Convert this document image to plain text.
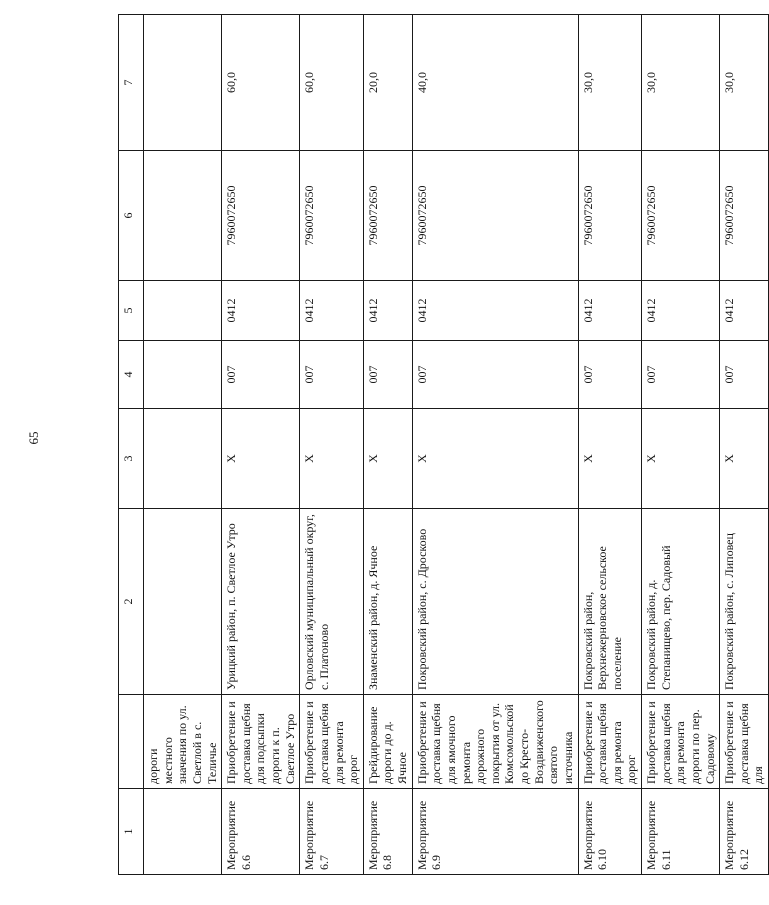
65
1		2	3	4	5	6	7
	дороги местного значения по ул. Светлой в с. Теличье						
Мероприятие 6.6	Приобретение и доставка щебня для подсыпки дороги к п. Светлое Утро	Урицкий район, п. Светлое Утро	X	007	0412	7960072650	60,0
Мероприятие 6.7	Приобретение и доставка щебня для ремонта дорог	Орловский муниципальный округ, с. Платоново	X	007	0412	7960072650	60,0
Мероприятие 6.8	Грейдирование дороги до д. Ячное	Знаменский район, д. Ячное	X	007	0412	7960072650	20,0
Мероприятие 6.9	Приобретение и доставка щебня для ямочного ремонта дорожного покрытия от ул. Комсомольской до Кресто-Воздвиженского святого источника	Покровский район, с. Дросково	X	007	0412	7960072650	40,0
Мероприятие 6.10	Приобретение и доставка щебня для ремонта дорог	Покровский район, Верхнежерновское сельское поселение	X	007	0412	7960072650	30,0
Мероприятие 6.11	Приобретение и доставка щебня для ремонта дороги по пер. Садовому	Покровский район, д. Степанищево, пер. Садовый	X	007	0412	7960072650	30,0
Мероприятие 6.12	Приобретение и доставка щебня для	Покровский район, с. Липовец	X	007	0412	7960072650	30,0
